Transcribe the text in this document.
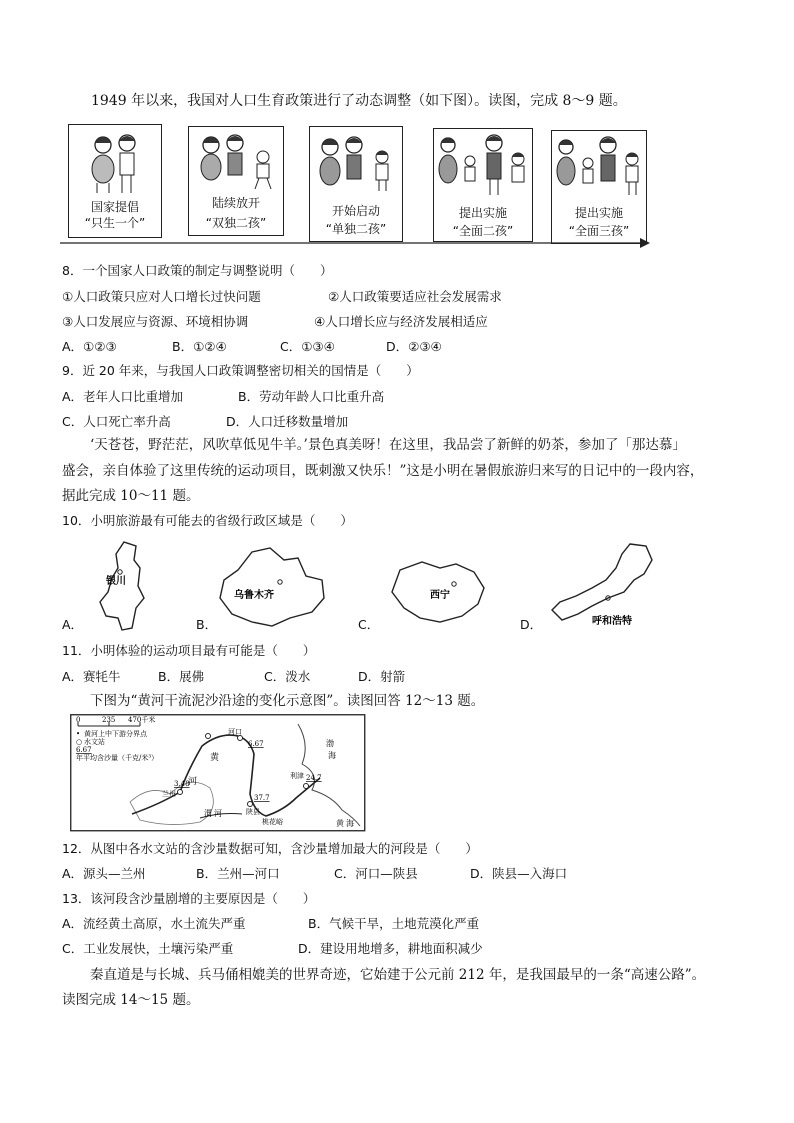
1949 年以来，我国对人口生育政策进行了动态调整（如下图）。读图，完成 8～9 题。
国家提倡
“只生一个”
陆续放开
“双独二孩”
开始启动
“单独二孩”
提出实施
“全面二孩”
提出实施
“全面三孩”
8．一个国家人口政策的制定与调整说明（　　）
①人口政策只应对人口增长过快问题	②人口政策要适应社会发展需求
③人口发展应与资源、环境相协调	④人口增长应与经济发展相适应
A．①②③	B．①②④	C．①③④	D．②③④
9．近 20 年来，与我国人口政策调整密切相关的国情是（　　）
A．老年人口比重增加	B．劳动年龄人口比重升高
C．人口死亡率升高	D．人口迁移数量增加
‘天苍苍，野茫茫，风吹草低见牛羊。’景色真美呀！在这里，我品尝了新鲜的奶茶，参加了「那达慕」
盛会，亲自体验了这里传统的运动项目，既刺激又快乐！”这是小明在暑假旅游归来写的日记中的一段内容，
据此完成 10～11 题。
10．小明旅游最有可能去的省级行政区域是（　　）
A．
银川
B．
乌鲁木齐
C．
西宁
D．	呼和浩特
11．小明体验的运动项目最有可能是（　　）
A．赛牦牛	B．展佛	C．泼水	D．射箭
下图为“黄河干流泥沙沿途的变化示意图”。读图回答 12～13 题。
0	235 470千米
• 黄河上中下游分界点
○ 水文站
6.67
年平均含沙量（千克/米³）	黄
河
渭 河
渤
海
黄 海
利津
河口
兰州
陕县
桃花峪
6.67
3.48
37.7
24.7
12．从图中各水文站的含沙量数据可知，含沙量增加最大的河段是（　　）
A．源头—兰州	B．兰州—河口	C．河口—陕县	D．陕县—入海口
13．该河段含沙量剧增的主要原因是（　　）
A．流经黄土高原，水土流失严重	B．气候干旱，土地荒漠化严重
C．工业发展快，土壤污染严重	D．建设用地增多，耕地面积减少
秦直道是与长城、兵马俑相媲美的世界奇迹，它始建于公元前 212 年，是我国最早的一条“高速公路”。
读图完成 14～15 题。
